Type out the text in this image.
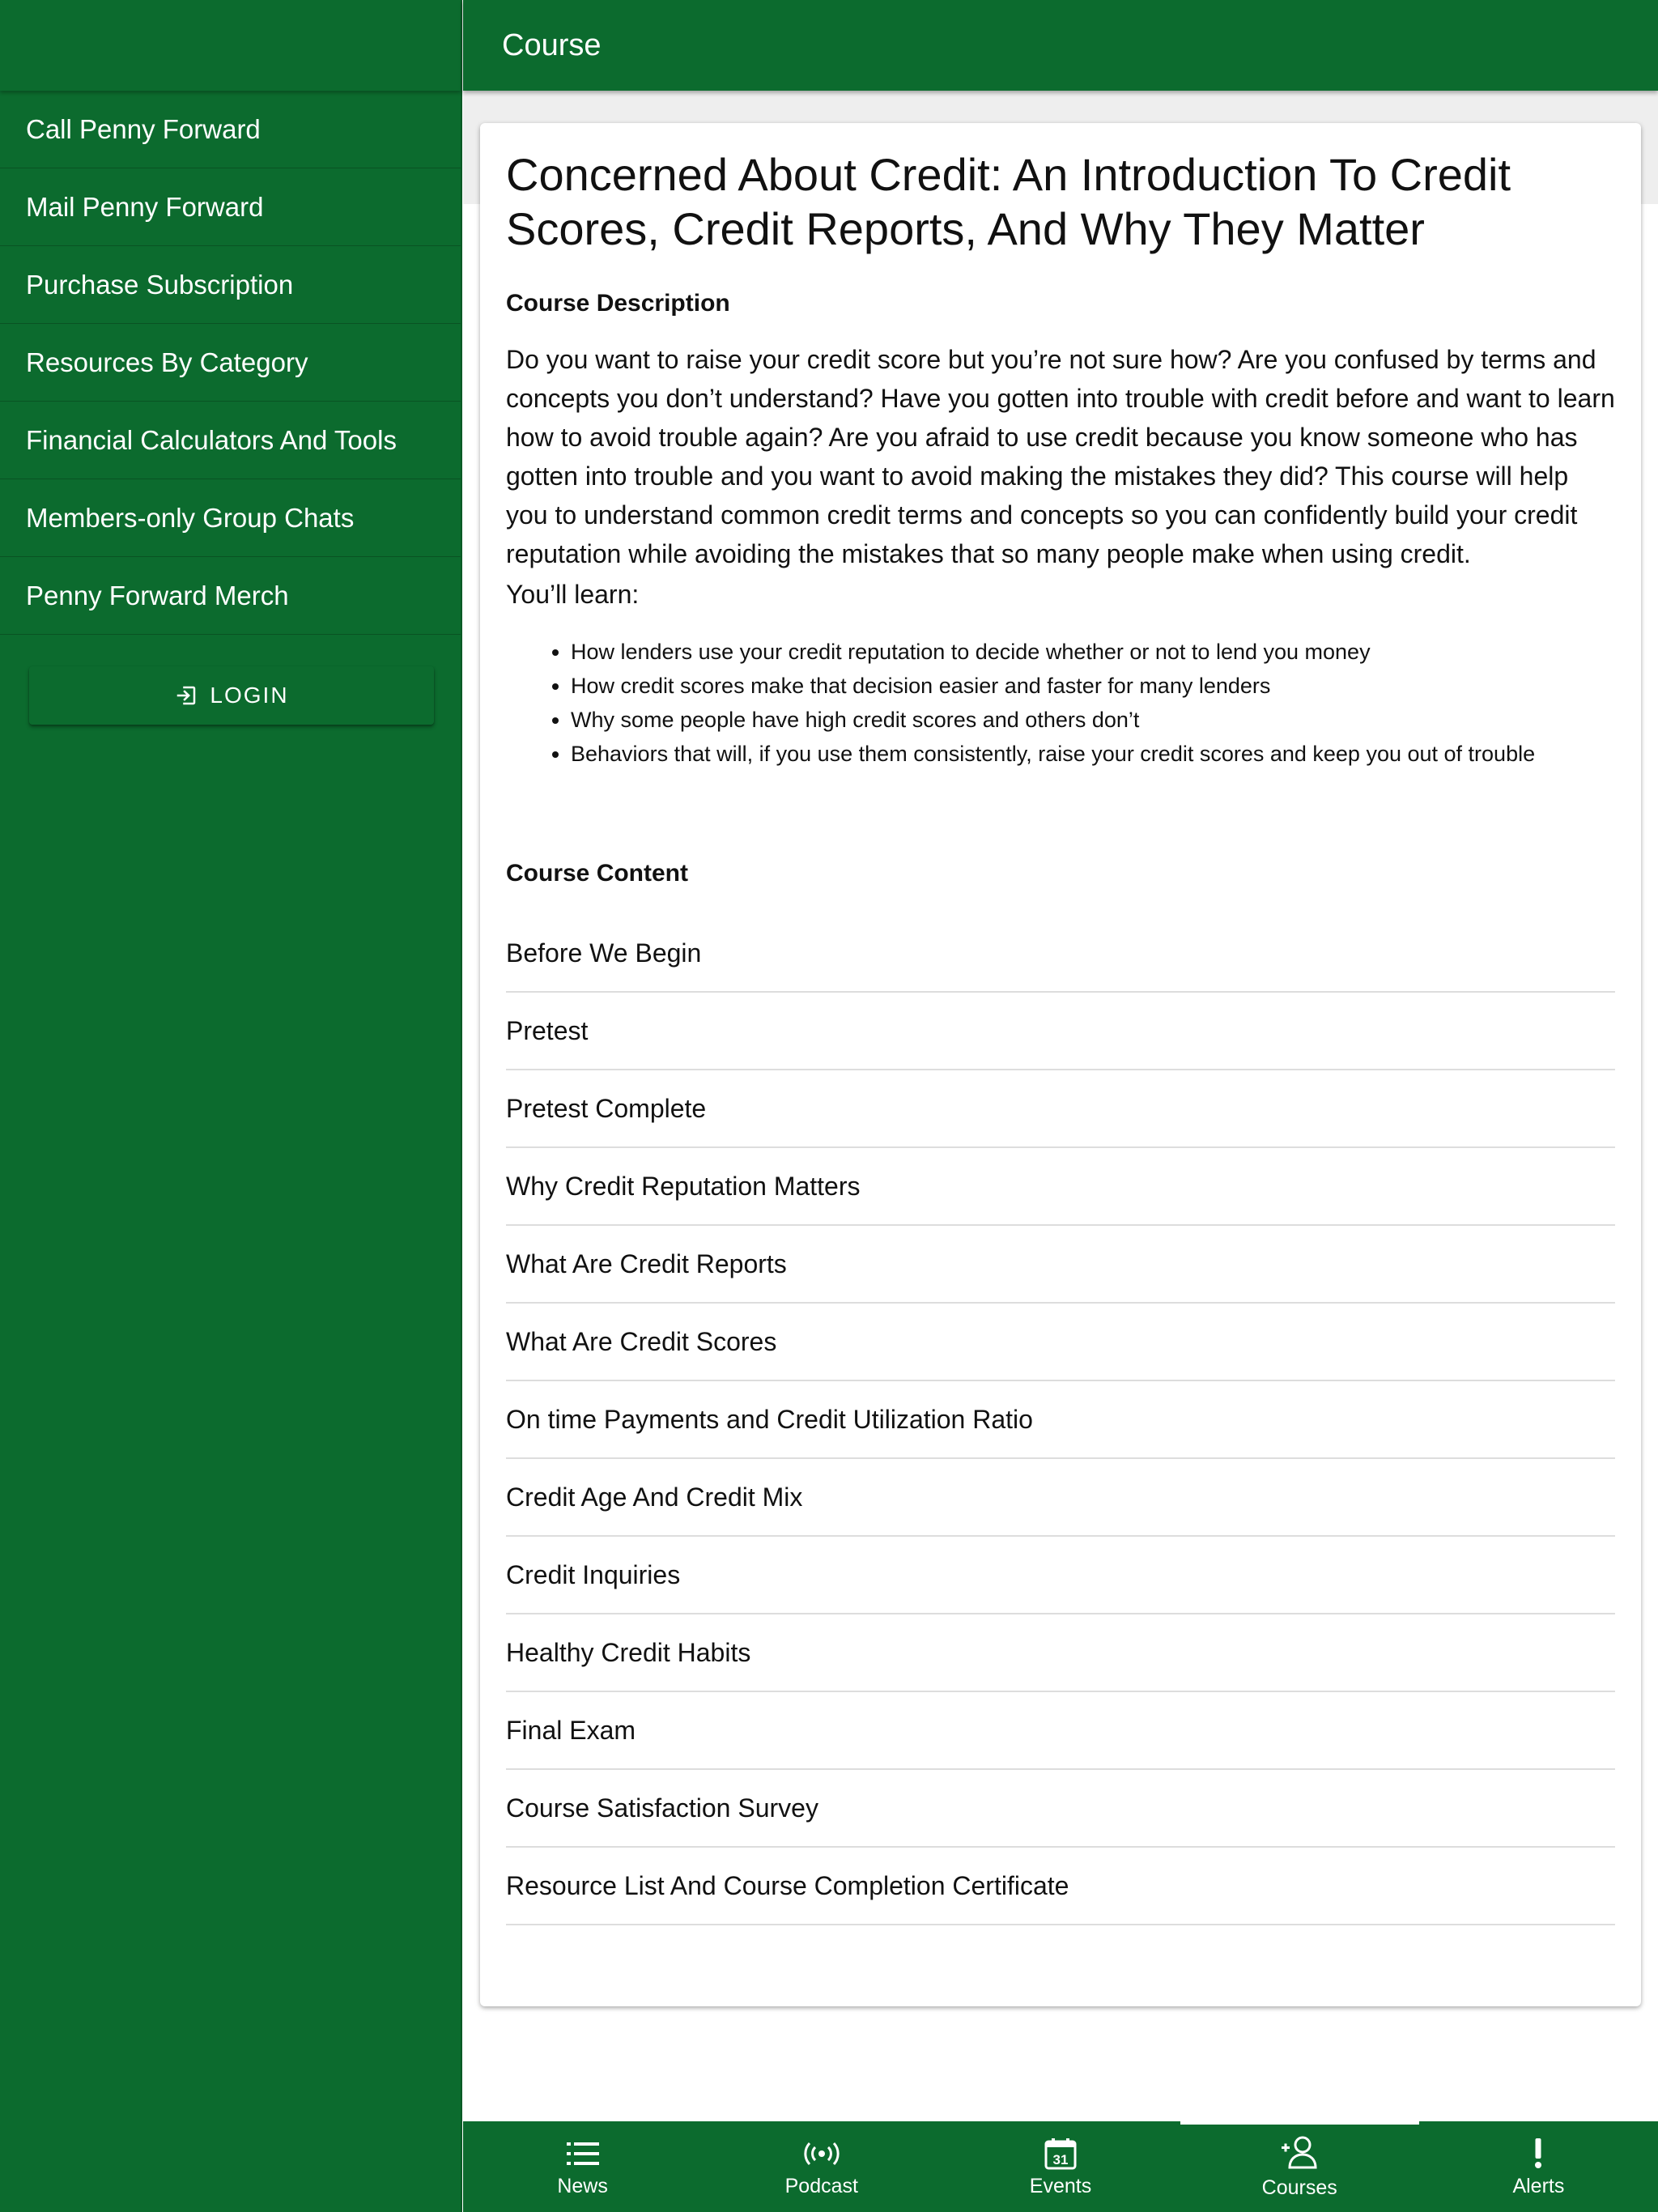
Call Penny Forward
Mail Penny Forward
Purchase Subscription
Resources By Category
Financial Calculators And Tools
Members-only Group Chats
Penny Forward Merch
LOGIN
Course
Concerned About Credit: An Introduction To Credit Scores, Credit Reports, And Why They Matter
Course Description

Do you want to raise your credit score but you’re not sure how? Are you confused by terms and concepts you don’t understand? Have you gotten into trouble with credit before and want to learn how to avoid trouble again? Are you afraid to use credit because you know someone who has gotten into trouble and you want to avoid making the mistakes they did? This course will help you to understand common credit terms and concepts so you can confidently build your credit reputation while avoiding the mistakes that so many people make when using credit.

You’ll learn:

• How lenders use your credit reputation to decide whether or not to lend you money
• How credit scores make that decision easier and faster for many lenders
• Why some people have high credit scores and others don’t
• Behaviors that will, if you use them consistently, raise your credit scores and keep you out of trouble
Course Content
Before We Begin
Pretest
Pretest Complete
Why Credit Reputation Matters
What Are Credit Reports
What Are Credit Scores
On time Payments and Credit Utilization Ratio
Credit Age And Credit Mix
Credit Inquiries
Healthy Credit Habits
Final Exam
Course Satisfaction Survey
Resource List And Course Completion Certificate
News	Podcast
31
Events	Courses	Alerts
